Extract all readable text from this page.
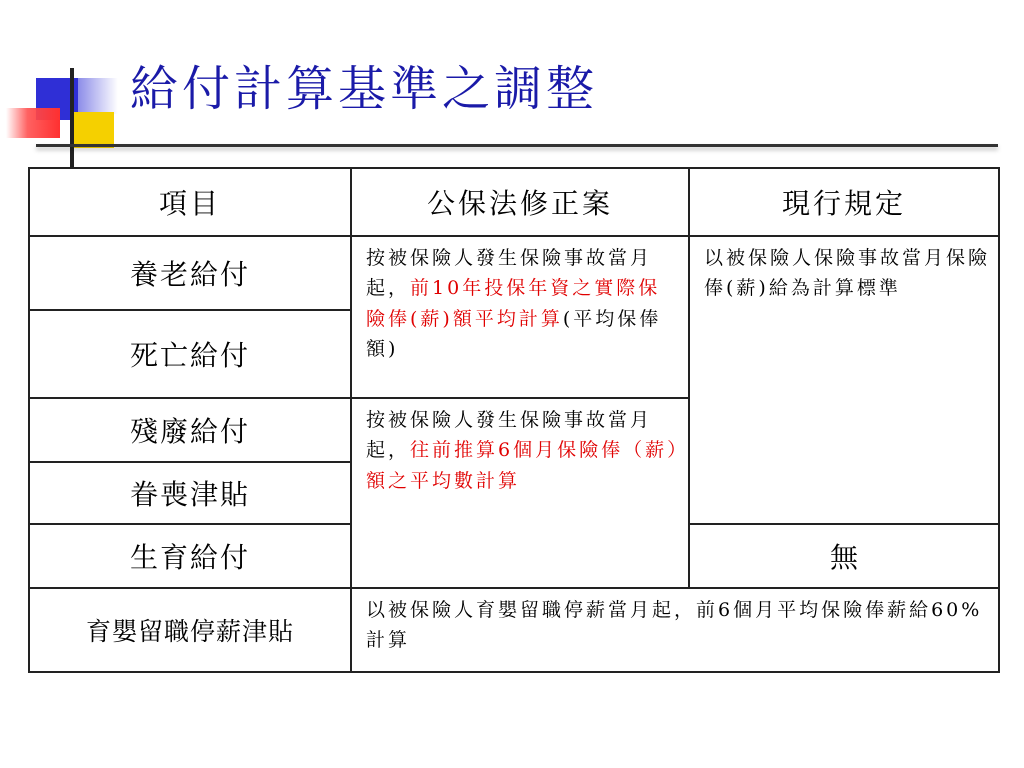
給付計算基準之調整
項目	公保法修正案	現行規定
養老給付	按被保險人發生保險事故當月起，前10年投保年資之實際保險俸(薪)額平均計算(平均保俸額)	以被保險人保險事故當月保險俸(薪)給為計算標準
死亡給付		
殘廢給付	按被保險人發生保險事故當月起，往前推算6個月保險俸（薪）額之平均數計算	
眷喪津貼		
生育給付		無
育嬰留職停薪津貼	以被保險人育嬰留職停薪當月起，前6個月平均保險俸薪給60%計算	
